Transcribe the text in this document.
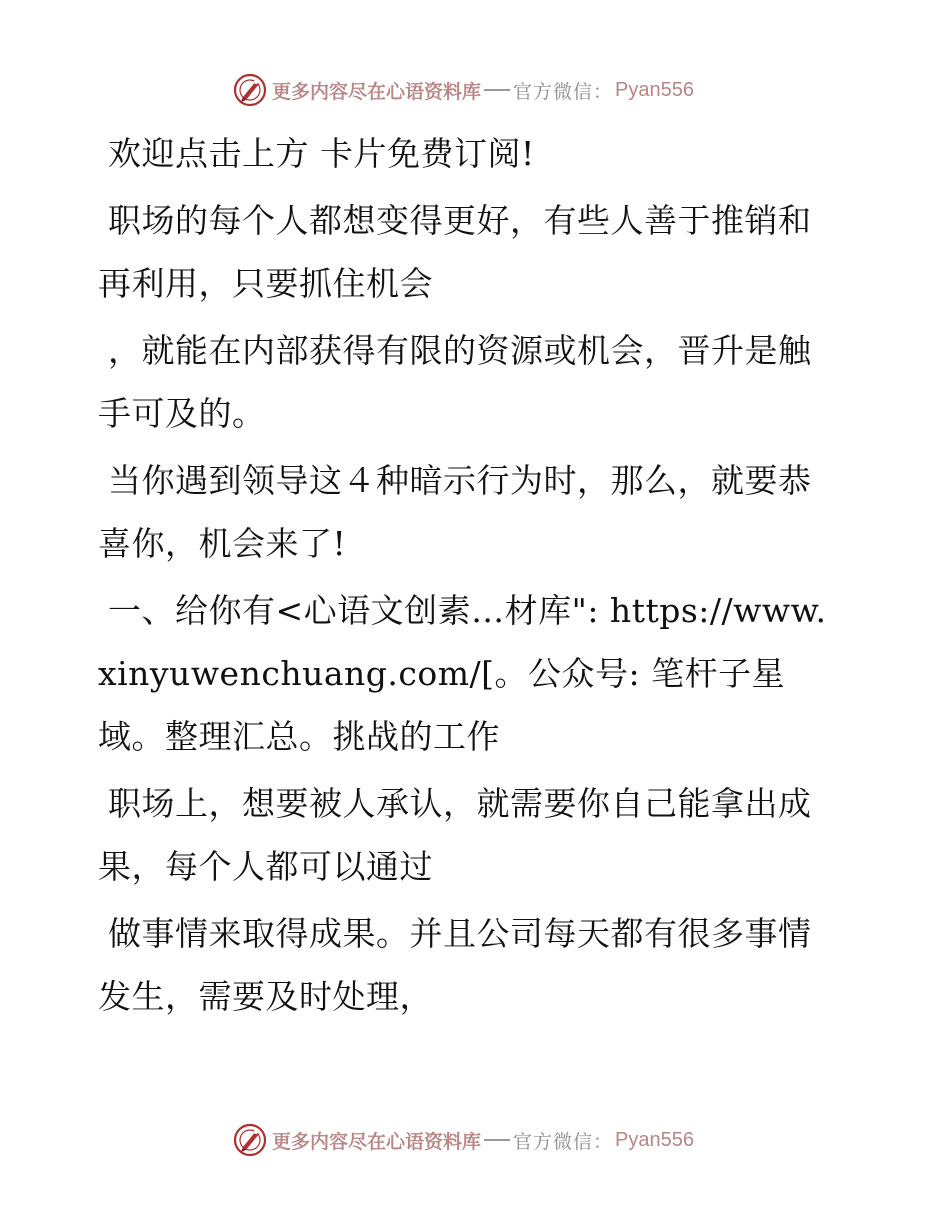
更多内容尽在心语资料库 官方微信： Pyan556

欢迎点击上方 卡片免费订阅!

职场的每个人都想变得更好，有些人善于推销和再利用，只要抓住机会

，就能在内部获得有限的资源或机会，晋升是触手可及的。

当你遇到领导这４种暗示行为时，那么，就要恭喜你，机会来了!

一、给你有<心语文创素…材库": https://www.xinyuwenchuang.com/[。公众号: 笔杆子星域。整理汇总。挑战的工作

职场上，想要被人承认，就需要你自己能拿出成果，每个人都可以通过

做事情来取得成果。并且公司每天都有很多事情发生，需要及时处理，

更多内容尽在心语资料库 官方微信： Pyan556
